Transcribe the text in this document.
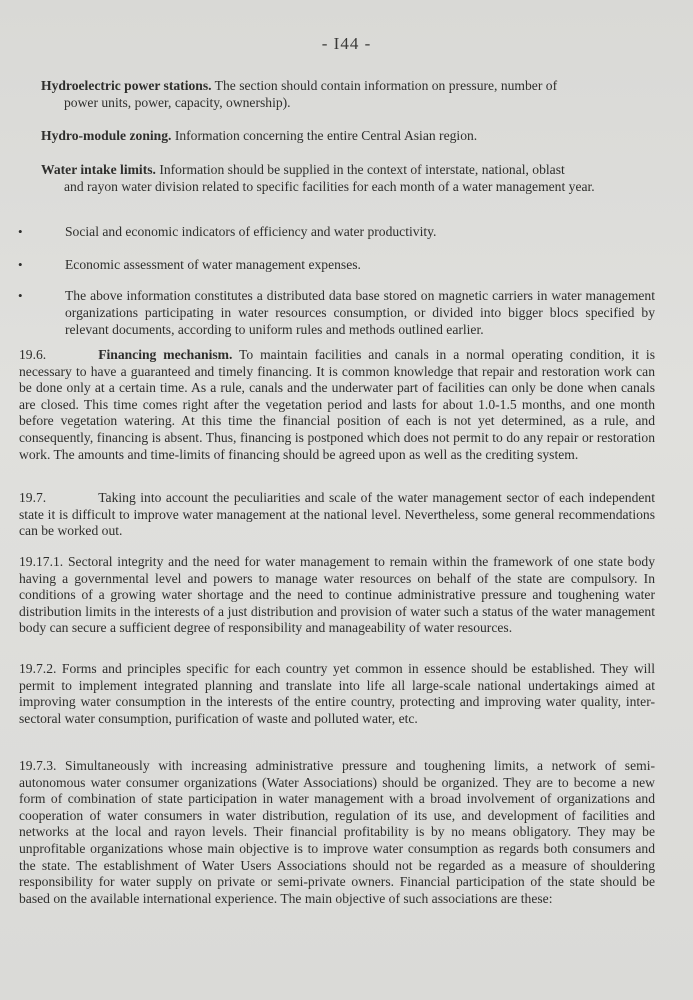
- I44 -
Hydroelectric power stations. The section should contain information on pressure, number of
power units, power, capacity, ownership).
Hydro-module zoning. Information concerning the entire Central Asian region.
Water intake limits. Information should be supplied in the context of interstate, national, oblast
and rayon water division related to specific facilities for each month of a water management year.
•	Social and economic indicators of efficiency and water productivity.
•	Economic assessment of water management expenses.
•	The above information constitutes a distributed data base stored on magnetic carriers in water management organizations participating in water resources consumption, or divided into bigger blocs specified by relevant documents, according to uniform rules and methods outlined earlier.
19.6.	Financing mechanism. To maintain facilities and canals in a normal operating condition, it is necessary to have a guaranteed and timely financing. It is common knowledge that repair and restoration work can be done only at a certain time. As a rule, canals and the underwater part of facilities can only be done when canals are closed. This time comes right after the vegetation period and lasts for about 1.0-1.5 months, and one month before vegetation watering. At this time the financial position of each is not yet determined, as a rule, and consequently, financing is absent. Thus, financing is postponed which does not permit to do any repair or restoration work. The amounts and time-limits of financing should be agreed upon as well as the crediting system.
19.7.	Taking into account the peculiarities and scale of the water management sector of each independent state it is difficult to improve water management at the national level. Nevertheless, some general recommendations can be worked out.
19.17.1. Sectoral integrity and the need for water management to remain within the framework of one state body having a governmental level and powers to manage water resources on behalf of the state are compulsory. In conditions of a growing water shortage and the need to continue administrative pressure and toughening water distribution limits in the interests of a just distribution and provision of water such a status of the water management body can secure a sufficient degree of responsibility and manageability of water resources.
19.7.2. Forms and principles specific for each country yet common in essence should be established. They will permit to implement integrated planning and translate into life all large-scale national undertakings aimed at improving water consumption in the interests of the entire country, protecting and improving water quality, inter-sectoral water consumption, purification of waste and polluted water, etc.
19.7.3. Simultaneously with increasing administrative pressure and toughening limits, a network of semi-autonomous water consumer organizations (Water Associations) should be organized. They are to become a new form of combination of state participation in water management with a broad involvement of organizations and cooperation of water consumers in water distribution, regulation of its use, and development of facilities and networks at the local and rayon levels. Their financial profitability is by no means obligatory. They may be unprofitable organizations whose main objective is to improve water consumption as regards both consumers and the state. The establishment of Water Users Associations should not be regarded as a measure of shouldering responsibility for water supply on private or semi-private owners. Financial participation of the state should be based on the available international experience. The main objective of such associations are these:
